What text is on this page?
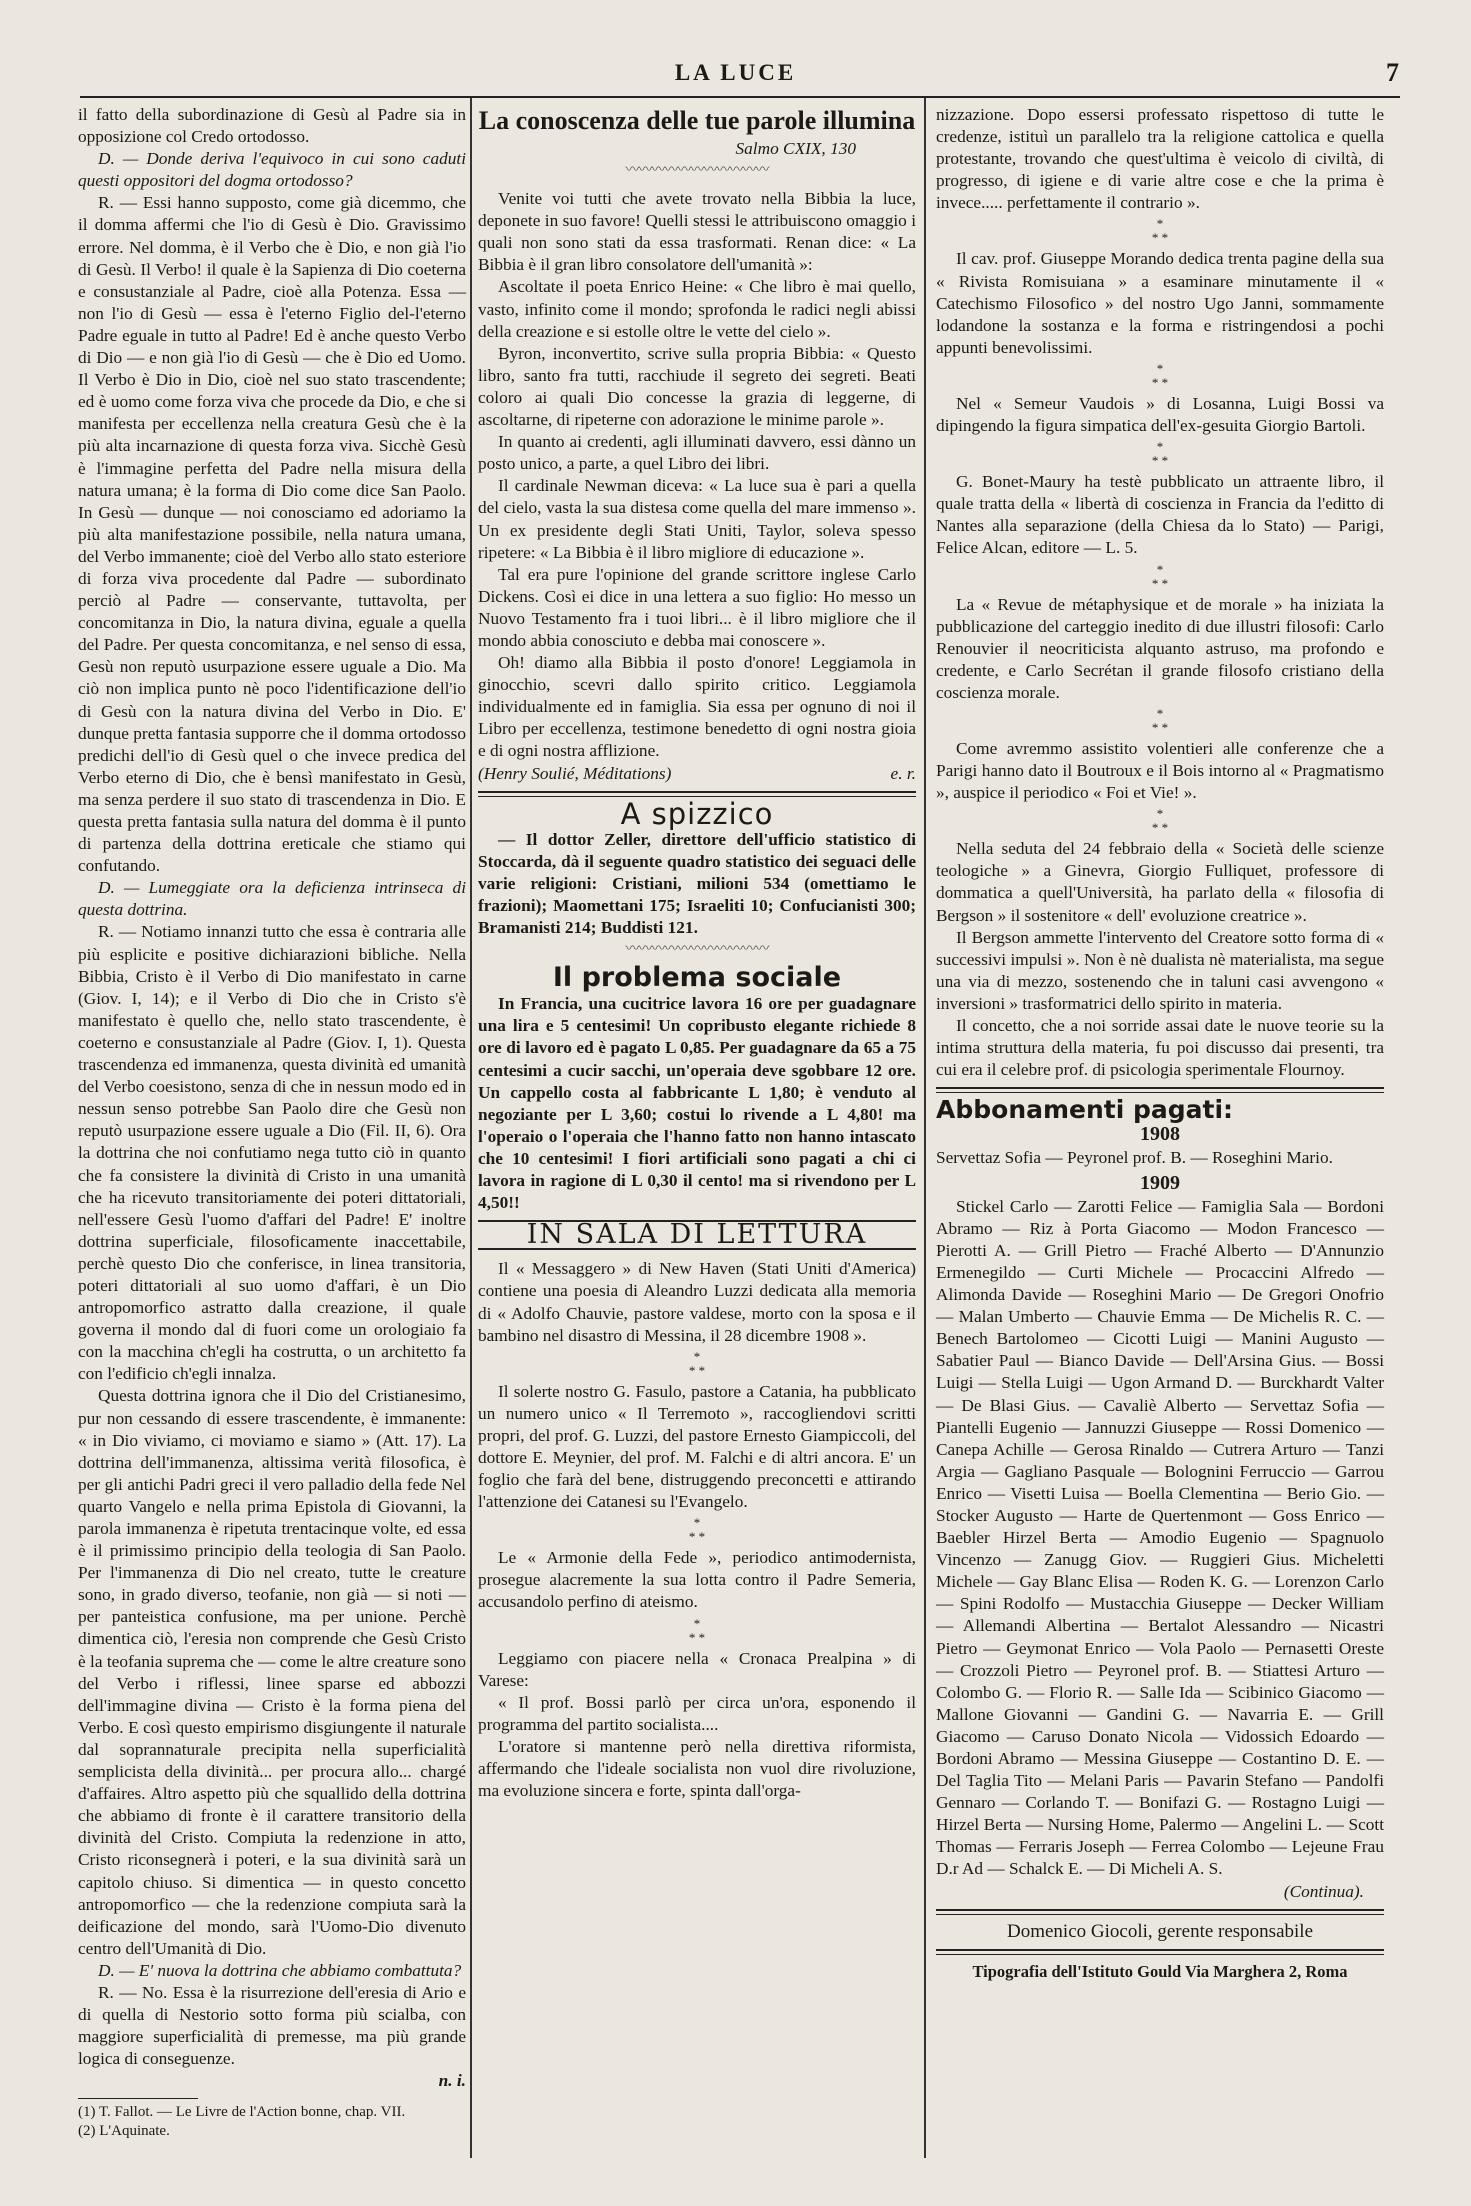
LA LUCE	7

il fatto della subordinazione di Gesù al Padre sia in opposizione col Credo ortodosso.

D. — Donde deriva l'equivoco in cui sono caduti questi oppositori del dogma ortodosso?

R. — Essi hanno supposto, come già dicemmo, che il domma affermi che l'io di Gesù è Dio. Gravissimo errore. Nel domma, è il Verbo che è Dio, e non già l'io di Gesù. Il Verbo! il quale è la Sapienza di Dio coeterna e consustanziale al Padre, cioè alla Potenza. Essa — non l'io di Gesù — essa è l'eterno Figlio del-l'eterno Padre eguale in tutto al Padre! Ed è anche questo Verbo di Dio — e non già l'io di Gesù — che è Dio ed Uomo. Il Verbo è Dio in Dio, cioè nel suo stato trascendente; ed è uomo come forza viva che procede da Dio, e che si manifesta per eccellenza nella creatura Gesù che è la più alta incarnazione di questa forza viva. Sicchè Gesù è l'immagine perfetta del Padre nella misura della natura umana; è la forma di Dio come dice San Paolo. In Gesù — dunque — noi conosciamo ed adoriamo la più alta manifestazione possibile, nella natura umana, del Verbo immanente; cioè del Verbo allo stato esteriore di forza viva procedente dal Padre — subordinato perciò al Padre — conservante, tuttavolta, per concomitanza in Dio, la natura divina, eguale a quella del Padre. Per questa concomitanza, e nel senso di essa, Gesù non reputò usurpazione essere uguale a Dio. Ma ciò non implica punto nè poco l'identificazione dell'io di Gesù con la natura divina del Verbo in Dio. E' dunque pretta fantasia supporre che il domma ortodosso predichi dell'io di Gesù quel o che invece predica del Verbo eterno di Dio, che è bensì manifestato in Gesù, ma senza perdere il suo stato di trascendenza in Dio. E questa pretta fantasia sulla natura del domma è il punto di partenza della dottrina ereticale che stiamo qui confutando.

D. — Lumeggiate ora la deficienza intrinseca di questa dottrina.

R. — Notiamo innanzi tutto che essa è contraria alle più esplicite e positive dichiarazioni bibliche. Nella Bibbia, Cristo è il Verbo di Dio manifestato in carne (Giov. I, 14); e il Verbo di Dio che in Cristo s'è manifestato è quello che, nello stato trascendente, è coeterno e consustanziale al Padre (Giov. I, 1). Questa trascendenza ed immanenza, questa divinità ed umanità del Verbo coesistono, senza di che in nessun modo ed in nessun senso potrebbe San Paolo dire che Gesù non reputò usurpazione essere uguale a Dio (Fil. II, 6). Ora la dottrina che noi confutiamo nega tutto ciò in quanto che fa consistere la divinità di Cristo in una umanità che ha ricevuto transitoriamente dei poteri dittatoriali, nell'essere Gesù l'uomo d'affari del Padre! E' inoltre dottrina superficiale, filosoficamente inaccettabile, perchè questo Dio che conferisce, in linea transitoria, poteri dittatoriali al suo uomo d'affari, è un Dio antropomorfico astratto dalla creazione, il quale governa il mondo dal di fuori come un orologiaio fa con la macchina ch'egli ha costrutta, o un architetto fa con l'edificio ch'egli innalza.

Questa dottrina ignora che il Dio del Cristianesimo, pur non cessando di essere trascendente, è immanente: « in Dio viviamo, ci moviamo e siamo » (Att. 17). La dottrina dell'immanenza, altissima verità filosofica, è per gli antichi Padri greci il vero palladio della fede Nel quarto Vangelo e nella prima Epistola di Giovanni, la parola immanenza è ripetuta trentacinque volte, ed essa è il primissimo principio della teologia di San Paolo. Per l'immanenza di Dio nel creato, tutte le creature sono, in grado diverso, teofanie, non già — si noti — per panteistica confusione, ma per unione. Perchè dimentica ciò, l'eresia non comprende che Gesù Cristo è la teofania suprema che — come le altre creature sono del Verbo i riflessi, linee sparse ed abbozzi dell'immagine divina — Cristo è la forma piena del Verbo. E così questo empirismo disgiungente il naturale dal soprannaturale precipita nella superficialità semplicista della divinità... per procura allo... chargé d'affaires. Altro aspetto più che squallido della dottrina che abbiamo di fronte è il carattere transitorio della divinità del Cristo. Compiuta la redenzione in atto, Cristo riconsegnerà i poteri, e la sua divinità sarà un capitolo chiuso. Si dimentica — in questo concetto antropomorfico — che la redenzione compiuta sarà la deificazione del mondo, sarà l'Uomo-Dio divenuto centro dell'Umanità di Dio.

D. — E' nuova la dottrina che abbiamo combattuta?

R. — No. Essa è la risurrezione dell'eresia di Ario e di quella di Nestorio sotto forma più scialba, con maggiore superficialità di premesse, ma più grande logica di conseguenze.

n. i.
(1) T. Fallot. — Le Livre de l'Action bonne, chap. VII.
(2) L'Aquinate.
La conoscenza delle tue parole illumina
Salmo CXIX, 130
〰〰〰〰〰〰〰〰〰〰〰

Venite voi tutti che avete trovato nella Bibbia la luce, deponete in suo favore! Quelli stessi le attribuiscono omaggio i quali non sono stati da essa trasformati. Renan dice: « La Bibbia è il gran libro consolatore dell'umanità »:

Ascoltate il poeta Enrico Heine: « Che libro è mai quello, vasto, infinito come il mondo; sprofonda le radici negli abissi della creazione e si estolle oltre le vette del cielo ».

Byron, inconvertito, scrive sulla propria Bibbia: « Questo libro, santo fra tutti, racchiude il segreto dei segreti. Beati coloro ai quali Dio concesse la grazia di leggerne, di ascoltarne, di ripeterne con adorazione le minime parole ».

In quanto ai credenti, agli illuminati davvero, essi dànno un posto unico, a parte, a quel Libro dei libri.

Il cardinale Newman diceva: « La luce sua è pari a quella del cielo, vasta la sua distesa come quella del mare immenso ». Un ex presidente degli Stati Uniti, Taylor, soleva spesso ripetere: « La Bibbia è il libro migliore di educazione ».

Tal era pure l'opinione del grande scrittore inglese Carlo Dickens. Così ei dice in una lettera a suo figlio: Ho messo un Nuovo Testamento fra i tuoi libri... è il libro migliore che il mondo abbia conosciuto e debba mai conoscere ».

Oh! diamo alla Bibbia il posto d'onore! Leggiamola in ginocchio, scevri dallo spirito critico. Leggiamola individualmente ed in famiglia. Sia essa per ognuno di noi il Libro per eccellenza, testimone benedetto di ogni nostra gioia e di ogni nostra afflizione.

(Henry Soulié, Méditations)	e. r.
A spizzico

— Il dottor Zeller, direttore dell'ufficio statistico di Stoccarda, dà il seguente quadro statistico dei seguaci delle varie religioni: Cristiani, milioni 534 (omettiamo le frazioni); Maomettani 175; Israeliti 10; Confucianisti 300; Bramanisti 214; Buddisti 121.

〰〰〰〰〰〰〰〰〰〰〰
Il problema sociale

In Francia, una cucitrice lavora 16 ore per guadagnare una lira e 5 centesimi! Un copribusto elegante richiede 8 ore di lavoro ed è pagato L 0,85. Per guadagnare da 65 a 75 centesimi a cucir sacchi, un'operaia deve sgobbare 12 ore. Un cappello costa al fabbricante L 1,80; è venduto al negoziante per L 3,60; costui lo rivende a L 4,80! ma l'operaio o l'operaia che l'hanno fatto non hanno intascato che 10 centesimi! I fiori artificiali sono pagati a chi ci lavora in ragione di L 0,30 il cento! ma si rivendono per L 4,50!!

IN SALA DI LETTURA

Il « Messaggero » di New Haven (Stati Uniti d'America) contiene una poesia di Aleandro Luzzi dedicata alla memoria di « Adolfo Chauvie, pastore valdese, morto con la sposa e il bambino nel disastro di Messina, il 28 dicembre 1908 ».

*
* *

Il solerte nostro G. Fasulo, pastore a Catania, ha pubblicato un numero unico « Il Terremoto », raccogliendovi scritti propri, del prof. G. Luzzi, del pastore Ernesto Giampiccoli, del dottore E. Meynier, del prof. M. Falchi e di altri ancora. E' un foglio che farà del bene, distruggendo preconcetti e attirando l'attenzione dei Catanesi su l'Evangelo.

*
* *

Le « Armonie della Fede », periodico antimodernista, prosegue alacremente la sua lotta contro il Padre Semeria, accusandolo perfino di ateismo.

*
* *

Leggiamo con piacere nella « Cronaca Prealpina » di Varese:

« Il prof. Bossi parlò per circa un'ora, esponendo il programma del partito socialista....

L'oratore si mantenne però nella direttiva riformista, affermando che l'ideale socialista non vuol dire rivoluzione, ma evoluzione sincera e forte, spinta dall'orga-

nizzazione. Dopo essersi professato rispettoso di tutte le credenze, istituì un parallelo tra la religione cattolica e quella protestante, trovando che quest'ultima è veicolo di civiltà, di progresso, di igiene e di varie altre cose e che la prima è invece..... perfettamente il contrario ».

*
* *

Il cav. prof. Giuseppe Morando dedica trenta pagine della sua « Rivista Romisuiana » a esaminare minutamente il « Catechismo Filosofico » del nostro Ugo Janni, sommamente lodandone la sostanza e la forma e ristringendosi a pochi appunti benevolissimi.

*
* *

Nel « Semeur Vaudois » di Losanna, Luigi Bossi va dipingendo la figura simpatica dell'ex-gesuita Giorgio Bartoli.

*
* *

G. Bonet-Maury ha testè pubblicato un attraente libro, il quale tratta della « libertà di coscienza in Francia da l'editto di Nantes alla separazione (della Chiesa da lo Stato) — Parigi, Felice Alcan, editore — L. 5.

*
* *

La « Revue de métaphysique et de morale » ha iniziata la pubblicazione del carteggio inedito di due illustri filosofi: Carlo Renouvier il neocriticista alquanto astruso, ma profondo e credente, e Carlo Secrétan il grande filosofo cristiano della coscienza morale.

*
* *

Come avremmo assistito volentieri alle conferenze che a Parigi hanno dato il Boutroux e il Bois intorno al « Pragmatismo », auspice il periodico « Foi et Vie! ».

*
* *

Nella seduta del 24 febbraio della « Società delle scienze teologiche » a Ginevra, Giorgio Fulliquet, professore di dommatica a quell'Università, ha parlato della « filosofia di Bergson » il sostenitore « dell' evoluzione creatrice ».

Il Bergson ammette l'intervento del Creatore sotto forma di « successivi impulsi ». Non è nè dualista nè materialista, ma segue una via di mezzo, sostenendo che in taluni casi avvengono « inversioni » trasformatrici dello spirito in materia.

Il concetto, che a noi sorride assai date le nuove teorie su la intima struttura della materia, fu poi discusso dai presenti, tra cui era il celebre prof. di psicologia sperimentale Flournoy.

Abbonamenti pagati:
1908

Servettaz Sofia — Peyronel prof. B. — Roseghini Mario.

1909

Stickel Carlo — Zarotti Felice — Famiglia Sala — Bordoni Abramo — Riz à Porta Giacomo — Modon Francesco — Pierotti A. — Grill Pietro — Fraché Alberto — D'Annunzio Ermenegildo — Curti Michele — Procaccini Alfredo — Alimonda Davide — Roseghini Mario — De Gregori Onofrio — Malan Umberto — Chauvie Emma — De Michelis R. C. — Benech Bartolomeo — Cicotti Luigi — Manini Augusto — Sabatier Paul — Bianco Davide — Dell'Arsina Gius. — Bossi Luigi — Stella Luigi — Ugon Armand D. — Burckhardt Valter — De Blasi Gius. — Cavaliè Alberto — Servettaz Sofia — Piantelli Eugenio — Jannuzzi Giuseppe — Rossi Domenico — Canepa Achille — Gerosa Rinaldo — Cutrera Arturo — Tanzi Argia — Gagliano Pasquale — Bolognini Ferruccio — Garrou Enrico — Visetti Luisa — Boella Clementina — Berio Gio. — Stocker Augusto — Harte de Quertenmont — Goss Enrico — Baebler Hirzel Berta — Amodio Eugenio — Spagnuolo Vincenzo — Zanugg Giov. — Ruggieri Gius. Micheletti Michele — Gay Blanc Elisa — Roden K. G. — Lorenzon Carlo — Spini Rodolfo — Mustacchia Giuseppe — Decker William — Allemandi Albertina — Bertalot Alessandro — Nicastri Pietro — Geymonat Enrico — Vola Paolo — Pernasetti Oreste — Crozzoli Pietro — Peyronel prof. B. — Stiattesi Arturo — Colombo G. — Florio R. — Salle Ida — Scibinico Giacomo — Mallone Giovanni — Gandini G. — Navarria E. — Grill Giacomo — Caruso Donato Nicola — Vidossich Edoardo — Bordoni Abramo — Messina Giuseppe — Costantino D. E. — Del Taglia Tito — Melani Paris — Pavarin Stefano — Pandolfi Gennaro — Corlando T. — Bonifazi G. — Rostagno Luigi — Hirzel Berta — Nursing Home, Palermo — Angelini L. — Scott Thomas — Ferraris Joseph — Ferrea Colombo — Lejeune Frau D.r Ad — Schalck E. — Di Micheli A. S.

(Continua).
Domenico Giocoli, gerente responsabile
Tipografia dell'Istituto Gould Via Marghera 2, Roma
